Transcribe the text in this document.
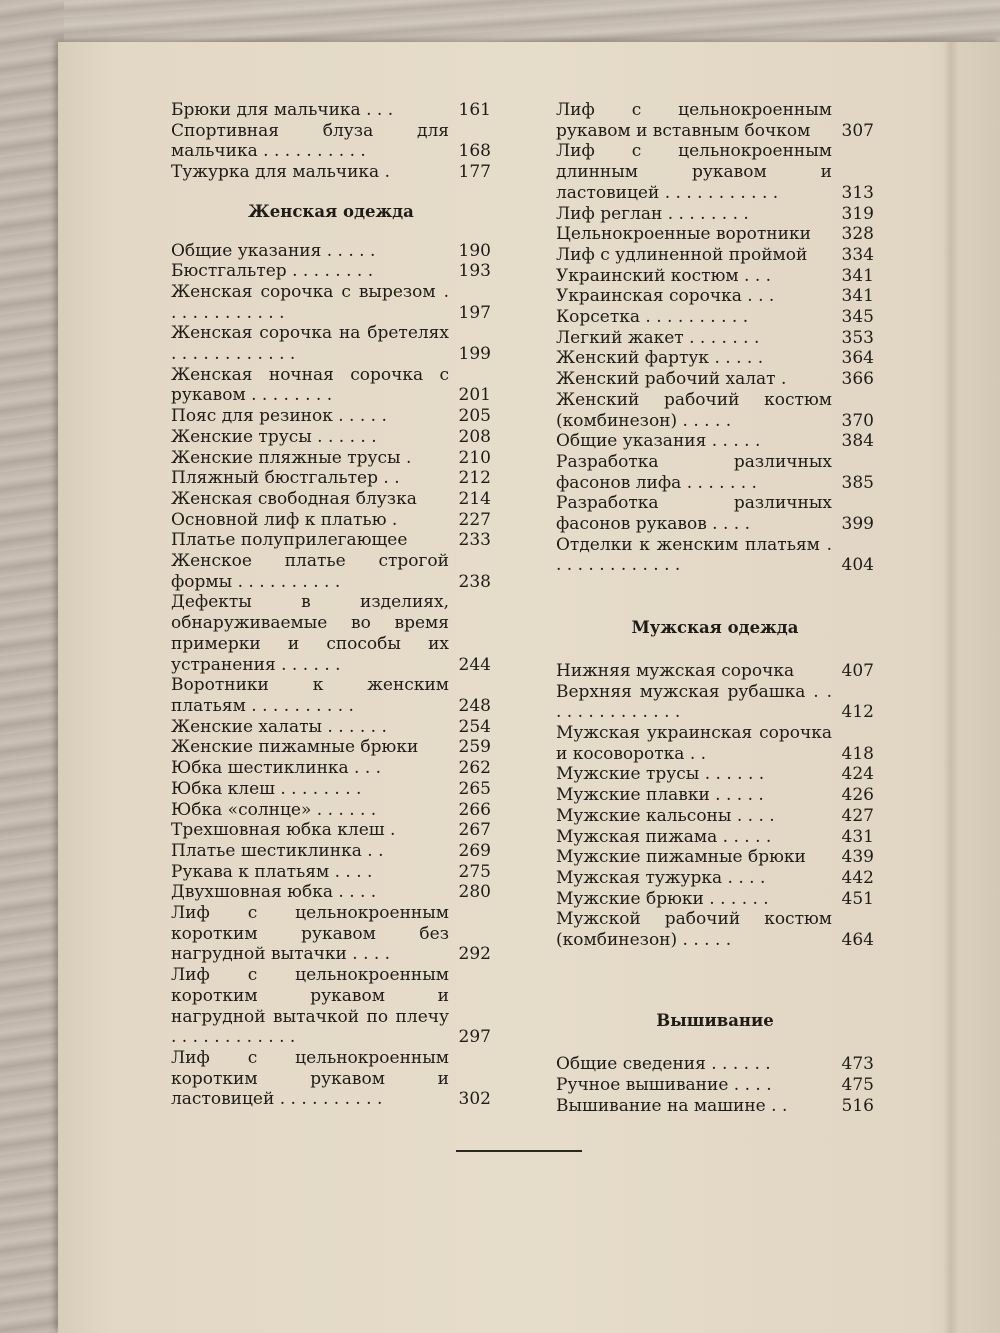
Брюки для мальчика . . .	161
Спортивная блуза для мальчика . . . . . . . . . .	168
Тужурка для мальчика .	177
Женская одежда
Общие указания . . . . .	190
Бюстгальтер . . . . . . . .	193
Женская сорочка с вырезом . . . . . . . . . . . .	197
Женская сорочка на бретелях . . . . . . . . . . . .	199
Женская ночная сорочка с рукавом . . . . . . . .	201
Пояс для резинок . . . . .	205
Женские трусы . . . . . .	208
Женские пляжные трусы .	210
Пляжный бюстгальтер . .	212
Женская свободная блузка	214
Основной лиф к платью .	227
Платье полуприлегающее	233
Женское платье строгой формы . . . . . . . . . .	238
Дефекты в изделиях, обнаруживаемые во время примерки и способы их устранения . . . . . .	244
Воротники к женским платьям . . . . . . . . . .	248
Женские халаты . . . . . .	254
Женские пижамные брюки	259
Юбка шестиклинка . . .	262
Юбка клеш . . . . . . . .	265
Юбка «солнце» . . . . . .	266
Трехшовная юбка клеш .	267
Платье шестиклинка . .	269
Рукава к платьям . . . .	275
Двухшовная юбка . . . .	280
Лиф с цельнокроенным коротким рукавом без нагрудной вытачки . . . .	292
Лиф с цельнокроенным коротким рукавом и нагрудной вытачкой по плечу . . . . . . . . . . . .	297
Лиф с цельнокроенным коротким рукавом и ластовицей . . . . . . . . . .	302
Лиф с цельнокроенным рукавом и вставным бочком	307
Лиф с цельнокроенным длинным рукавом и ластовицей . . . . . . . . . . .	313
Лиф реглан . . . . . . . .	319
Цельнокроенные воротники	328
Лиф с удлиненной проймой	334
Украинский костюм . . .	341
Украинская сорочка . . .	341
Корсетка . . . . . . . . . .	345
Легкий жакет . . . . . . .	353
Женский фартук . . . . .	364
Женский рабочий халат .	366
Женский рабочий костюм (комбинезон) . . . . .	370
Общие указания . . . . .	384
Разработка различных фасонов лифа . . . . . . .	385
Разработка различных фасонов рукавов . . . .	399
Отделки к женским платьям . . . . . . . . . . . . .	404
Мужская одежда
Нижняя мужская сорочка	407
Верхняя мужская рубашка . . . . . . . . . . . . . .	412
Мужская украинская сорочка и косоворотка . .	418
Мужские трусы . . . . . .	424
Мужские плавки . . . . .	426
Мужские кальсоны . . . .	427
Мужская пижама . . . . .	431
Мужские пижамные брюки	439
Мужская тужурка . . . .	442
Мужские брюки . . . . . .	451
Мужской рабочий костюм (комбинезон) . . . . .	464
Вышивание
Общие сведения . . . . . .	473
Ручное вышивание . . . .	475
Вышивание на машине . .	516
